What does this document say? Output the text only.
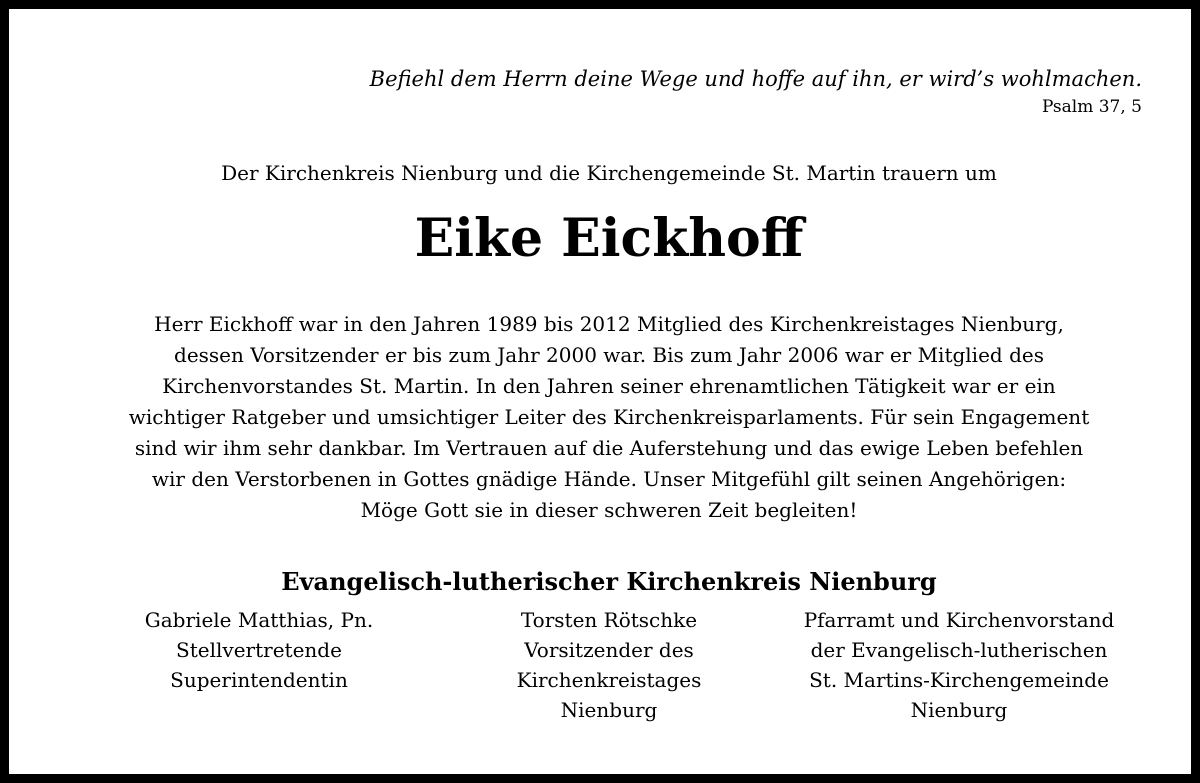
Befiehl dem Herrn deine Wege und hoffe auf ihn, er wird’s wohlmachen.
Psalm 37, 5
Der Kirchenkreis Nienburg und die Kirchengemeinde St. Martin trauern um
Eike Eickhoff
Herr Eickhoff war in den Jahren 1989 bis 2012 Mitglied des Kirchenkreistages Nienburg,
dessen Vorsitzender er bis zum Jahr 2000 war. Bis zum Jahr 2006 war er Mitglied des
Kirchenvorstandes St. Martin. In den Jahren seiner ehrenamtlichen Tätigkeit war er ein
wichtiger Ratgeber und umsichtiger Leiter des Kirchenkreisparlaments. Für sein Engagement
sind wir ihm sehr dankbar. Im Vertrauen auf die Auferstehung und das ewige Leben befehlen
wir den Verstorbenen in Gottes gnädige Hände. Unser Mitgefühl gilt seinen Angehörigen:
Möge Gott sie in dieser schweren Zeit begleiten!
Evangelisch-lutherischer Kirchenkreis Nienburg
Gabriele Matthias, Pn.
Stellvertretende
Superintendentin
Torsten Rötschke
Vorsitzender des
Kirchenkreistages
Nienburg
Pfarramt und Kirchenvorstand
der Evangelisch-lutherischen
St. Martins-Kirchengemeinde
Nienburg
